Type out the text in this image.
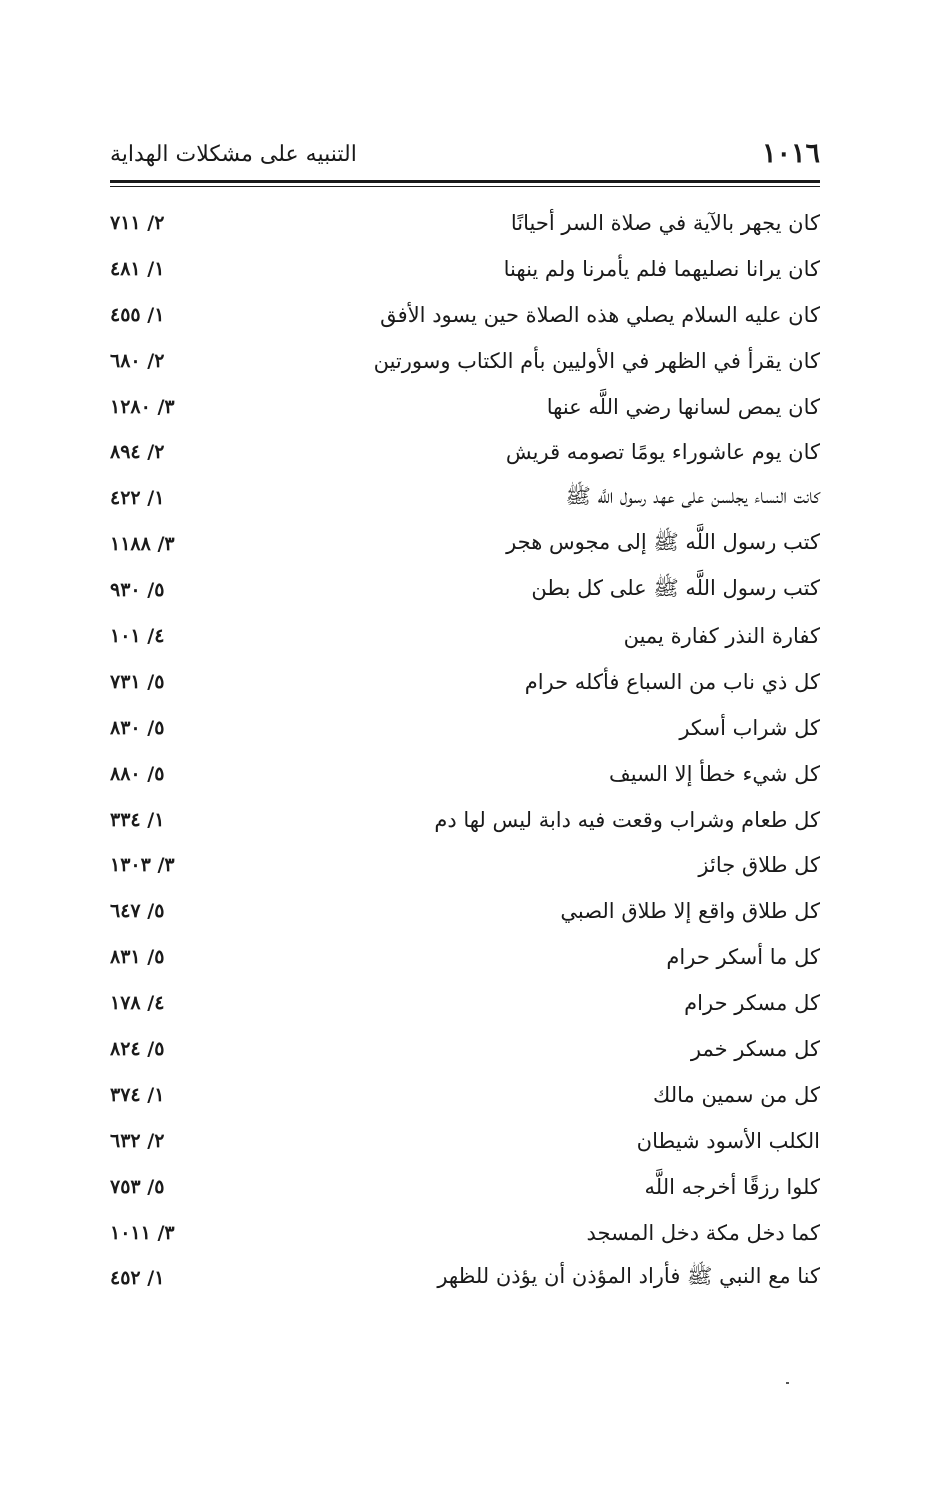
١٠١٦
التنبيه على مشكلات الهداية
كان يجهر بالآية في صلاة السر أحيانًا
٢/ ٧١١
كان يرانا نصليهما فلم يأمرنا ولم ينهنا
١/ ٤٨١
كان عليه السلام يصلي هذه الصلاة حين يسود الأفق
١/ ٤٥٥
كان يقرأ في الظهر في الأوليين بأم الكتاب وسورتين
٢/ ٦٨٠
كان يمص لسانها رضي اللَّه عنها
٣/ ١٢٨٠
كان يوم عاشوراء يومًا تصومه قريش
٢/ ٨٩٤
كانت النساء يجلسن على عهد رسول اللَّه ﷺ
١/ ٤٢٢
كتب رسول اللَّه ﷺ إلى مجوس هجر
٣/ ١١٨٨
كتب رسول اللَّه ﷺ على كل بطن
٥/ ٩٣٠
كفارة النذر كفارة يمين
٤/ ١٠١
كل ذي ناب من السباع فأكله حرام
٥/ ٧٣١
كل شراب أسكر
٥/ ٨٣٠
كل شيء خطأ إلا السيف
٥/ ٨٨٠
كل طعام وشراب وقعت فيه دابة ليس لها دم
١/ ٣٣٤
كل طلاق جائز
٣/ ١٣٠٣
كل طلاق واقع إلا طلاق الصبي
٥/ ٦٤٧
كل ما أسكر حرام
٥/ ٨٣١
كل مسكر حرام
٤/ ١٧٨
كل مسكر خمر
٥/ ٨٢٤
كل من سمين مالك
١/ ٣٧٤
الكلب الأسود شيطان
٢/ ٦٣٢
كلوا رزقًا أخرجه اللَّه
٥/ ٧٥٣
كما دخل مكة دخل المسجد
٣/ ١٠١١
كنا مع النبي ﷺ فأراد المؤذن أن يؤذن للظهر
١/ ٤٥٢
